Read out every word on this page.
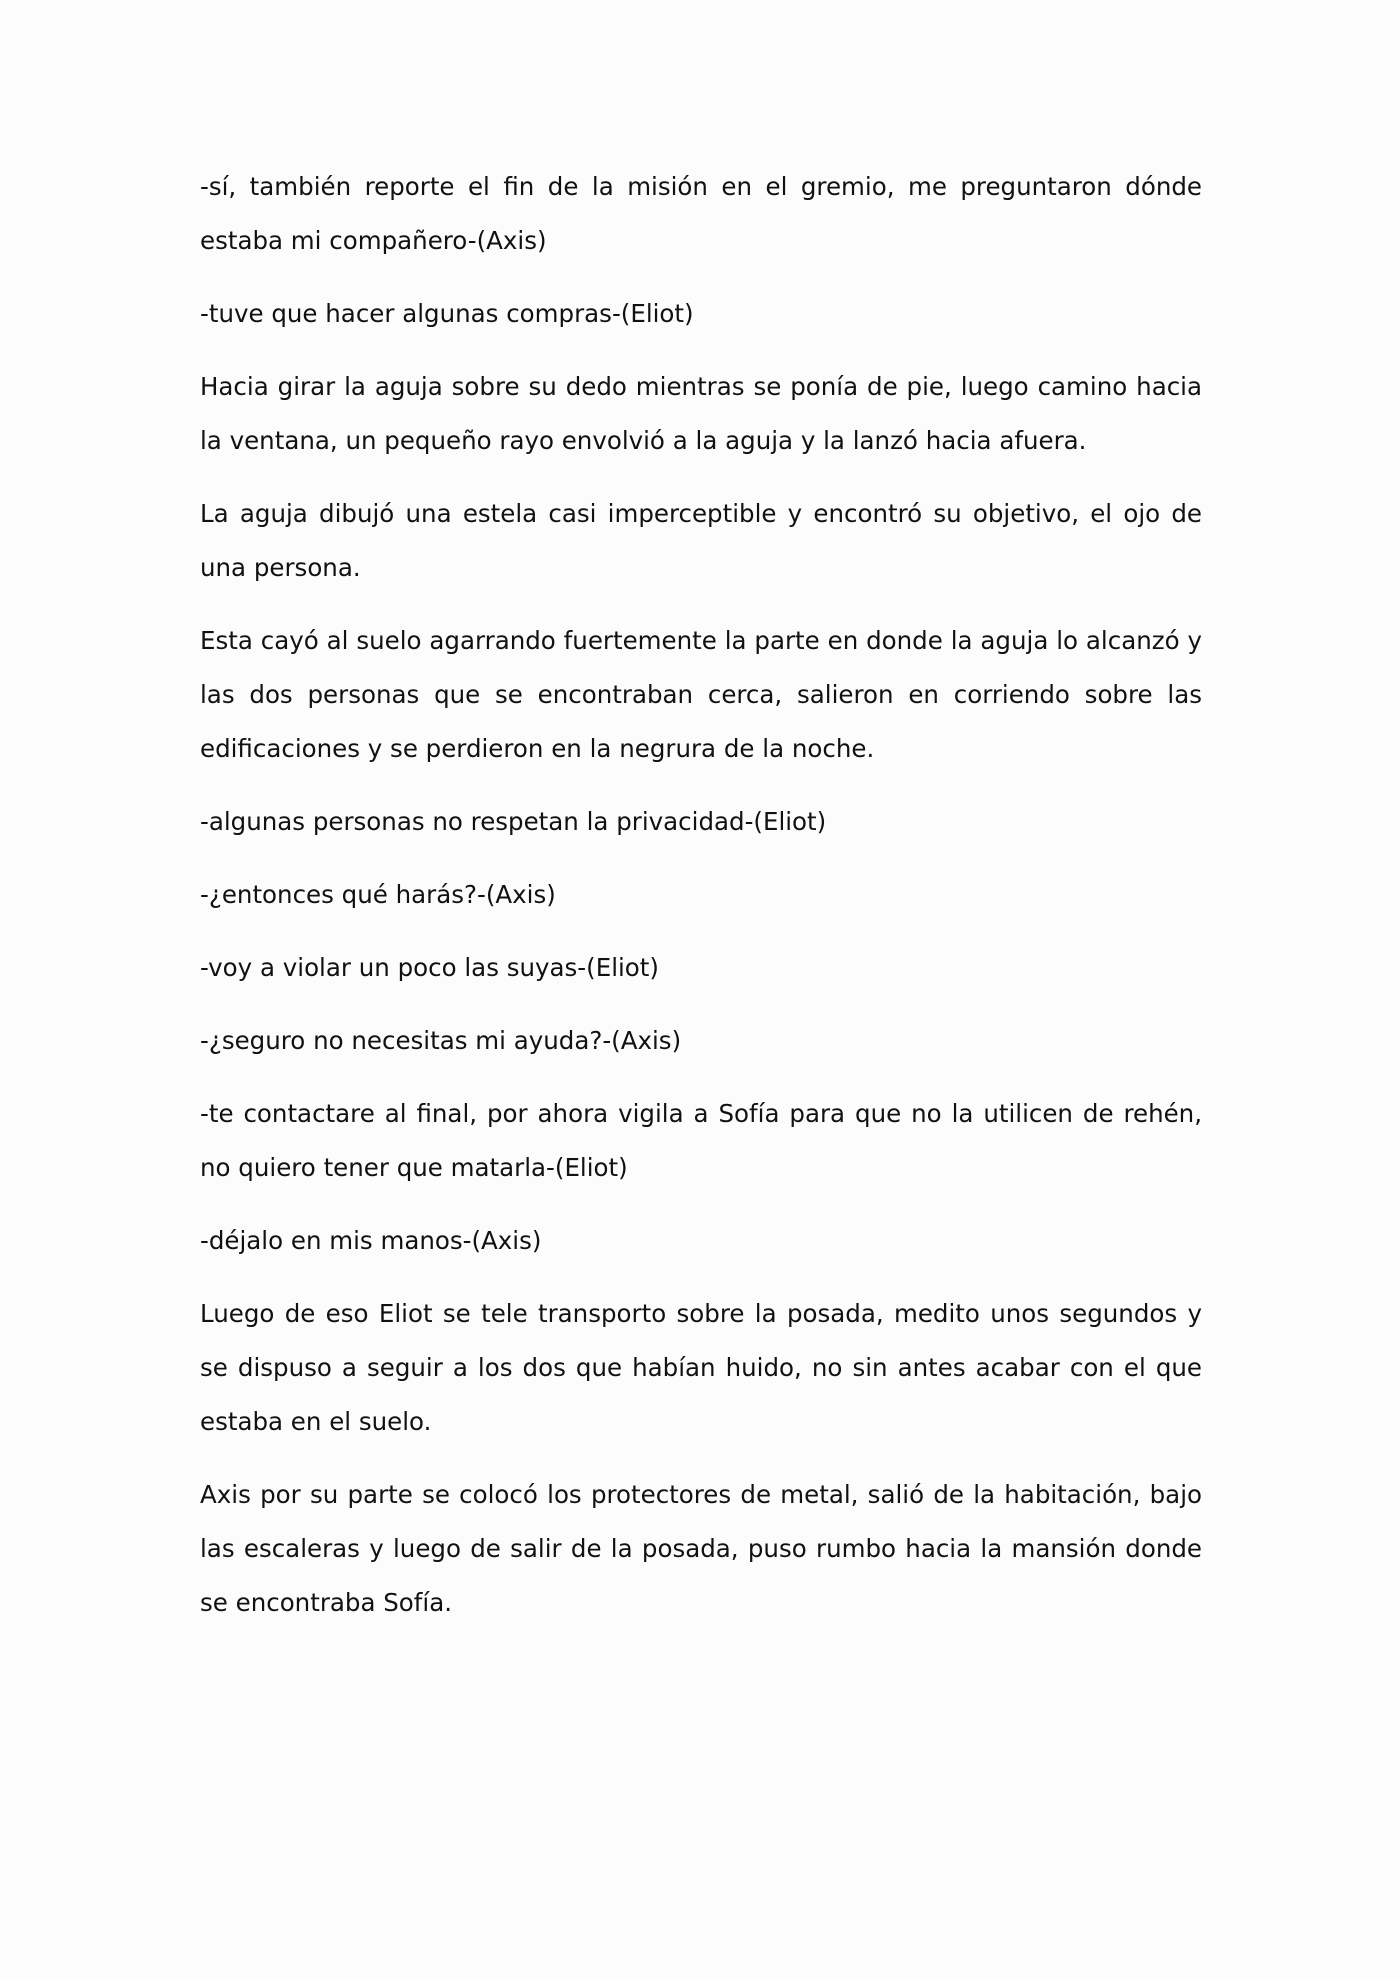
-sí, también reporte el fin de la misión en el gremio, me preguntaron dónde estaba mi compañero-(Axis)

-tuve que hacer algunas compras-(Eliot)

Hacia girar la aguja sobre su dedo mientras se ponía de pie, luego camino hacia la ventana, un pequeño rayo envolvió a la aguja y la lanzó hacia afuera.

La aguja dibujó una estela casi imperceptible y encontró su objetivo, el ojo de una persona.

Esta cayó al suelo agarrando fuertemente la parte en donde la aguja lo alcanzó y las dos personas que se encontraban cerca, salieron en corriendo sobre las edificaciones y se perdieron en la negrura de la noche.

-algunas personas no respetan la privacidad-(Eliot)

-¿entonces qué harás?-(Axis)

-voy a violar un poco las suyas-(Eliot)

-¿seguro no necesitas mi ayuda?-(Axis)

-te contactare al final, por ahora vigila a Sofía para que no la utilicen de rehén, no quiero tener que matarla-(Eliot)

-déjalo en mis manos-(Axis)

Luego de eso Eliot se tele transporto sobre la posada, medito unos segundos y se dispuso a seguir a los dos que habían huido, no sin antes acabar con el que estaba en el suelo.

Axis por su parte se colocó los protectores de metal, salió de la habitación, bajo las escaleras y luego de salir de la posada, puso rumbo hacia la mansión donde se encontraba Sofía.
